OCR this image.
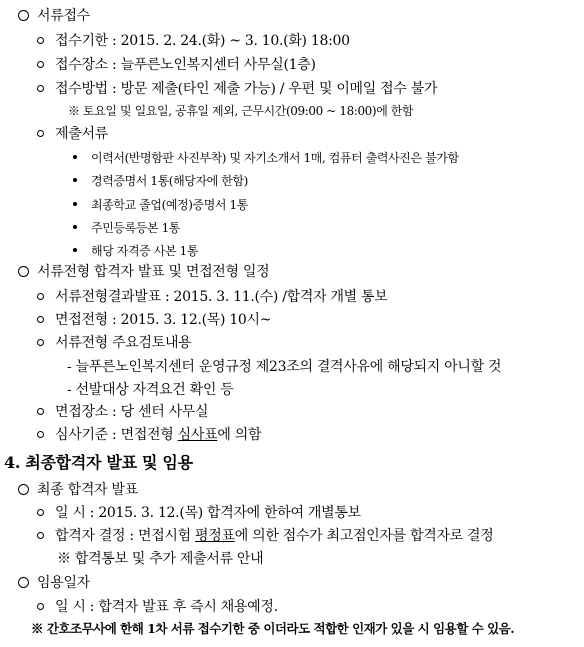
서류접수
접수기한 : 2015. 2. 24.(화) ~ 3. 10.(화) 18:00
접수장소 : 늘푸른노인복지센터 사무실(1층)
접수방법 : 방문 제출(타인 제출 가능) / 우편 및 이메일 접수 불가
※ 토요일 및 일요일, 공휴일 제외, 근무시간(09:00 ~ 18:00)에 한함
제출서류
이력서(반명함판 사진부착) 및 자기소개서 1매, 컴퓨터 출력사진은 불가함
경력증명서 1통(해당자에 한함)
최종학교 졸업(예정)증명서 1통
주민등록등본 1통
해당 자격증 사본 1통
서류전형 합격자 발표 및 면접전형 일정
서류전형결과발표 : 2015. 3. 11.(수) /합격자 개별 통보
면접전형 : 2015. 3. 12.(목) 10시~
서류전형 주요검토내용
- 늘푸른노인복지센터 운영규정 제23조의 결격사유에 해당되지 아니할 것
- 선발대상 자격요건 확인 등
면접장소 : 당 센터 사무실
심사기준 : 면접전형 심사표에 의함
4. 최종합격자 발표 및 임용
최종 합격자 발표
일 시 : 2015. 3. 12.(목) 합격자에 한하여 개별통보
합격자 결정 : 면접시험 평정표에 의한 점수가 최고점인자를 합격자로 결정
※ 합격통보 및 추가 제출서류 안내
임용일자
일 시 : 합격자 발표 후 즉시 채용예정.
※ 간호조무사에 한해 1차 서류 접수기한 중 이더라도 적합한 인재가 있을 시 임용할 수 있음.
